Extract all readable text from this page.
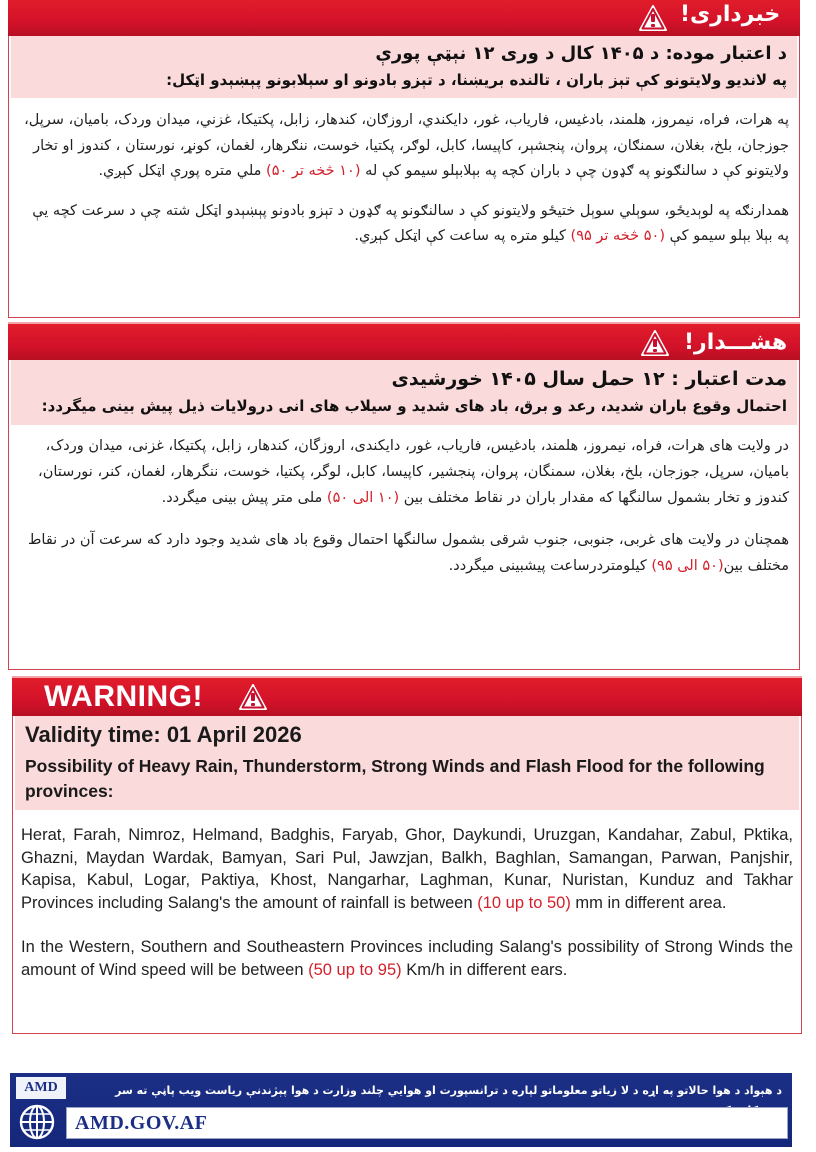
خبرداری!
د اعتبار موده: د ۱۴۰۵ کال د وری ۱۲ نېټې پورې
په لانديو ولایتونو کې تېز باران ، تالنده بریښنا، د تېزو بادونو او سېلابونو پېښېدو اټکل:

په هرات، فراه، نیمروز، هلمند، بادغیس، فاریاب، غور، دایکندي، اروزګان، کندهار، زابل، پکتیکا، غزني، میدان وردک، بامیان، سرپل، جوزجان، بلخ، بغلان، سمنګان، پروان، پنجشېر، کاپیسا، کابل، لوګر، پکتیا، خوست، ننګرهار، لغمان، کونړ، نورستان ، کندوز او تخار ولایتونو کې د سالنګونو په ګډون چې د باران کچه په بېلابېلو سیمو کې له (۱۰ څخه تر ۵۰) ملي متره پورې اټکل کېږي.

همدارنګه په لوېدیځو، سوېلي سوېل ختیځو ولایتونو کې د سالنګونو په ګډون د تېزو بادونو پېښېدو اټکل شته چې د سرعت کچه یې په بېلا بېلو سیمو کې (۵۰ څخه تر ۹۵) کیلو متره په ساعت کې اټکل کېږي.

هشـــدار!
مدت اعتبار : ۱۲ حمل سال ۱۴۰۵ خورشیدی
احتمال وقوع باران شدید، رعد و برق، باد های شدید و سیلاب های انی درولایات ذیل پیش بینی میگردد:

در ولایت های هرات، فراه، نیمروز، هلمند، بادغیس، فاریاب، غور، دایکندی، اروزگان، کندهار، زابل، پکتیکا، غزنی، میدان وردک، بامیان، سرپل، جوزجان، بلخ، بغلان، سمنگان، پروان، پنجشیر، کاپیسا، کابل، لوگر، پکتیا، خوست، ننگرهار، لغمان، کنر، نورستان، کندوز و تخار بشمول سالنگها که مقدار باران در نقاط مختلف بین (۱۰ الی ۵۰) ملی متر پیش بینی میگردد.

همچنان در ولایت های غربی، جنوبی، جنوب شرقی بشمول سالنگها احتمال وقوع باد های شدید وجود دارد که سرعت آن در نقاط مختلف بین(۵۰ الی ۹۵) کیلومتردرساعت پیشبینی میگردد.

WARNING!
Validity time: 01 April 2026
Possibility of Heavy Rain, Thunderstorm, Strong Winds and Flash Flood for the following provinces:

Herat, Farah, Nimroz, Helmand, Badghis, Faryab, Ghor, Daykundi, Uruzgan, Kandahar, Zabul, Pktika, Ghazni, Maydan Wardak, Bamyan, Sari Pul, Jawzjan, Balkh, Baghlan, Samangan, Parwan, Panjshir, Kapisa, Kabul, Logar, Paktiya, Khost, Nangarhar, Laghman, Kunar, Nuristan, Kunduz and Takhar Provinces including Salang's the amount of rainfall is between (10 up to 50) mm in different area.

In the Western, Southern and Southeastern Provinces including Salang's possibility of Strong Winds the amount of Wind speed will be between (50 up to 95) Km/h in different ears.

AMD	د هېواد د هوا حالاتو په اړه د لا زیاتو معلوماتو لپاره د ترانسپورت او هوايي چلند وزارت د هوا پېژندنې ریاست ویب پاڼې ته سر
AMD.GOV.AF
